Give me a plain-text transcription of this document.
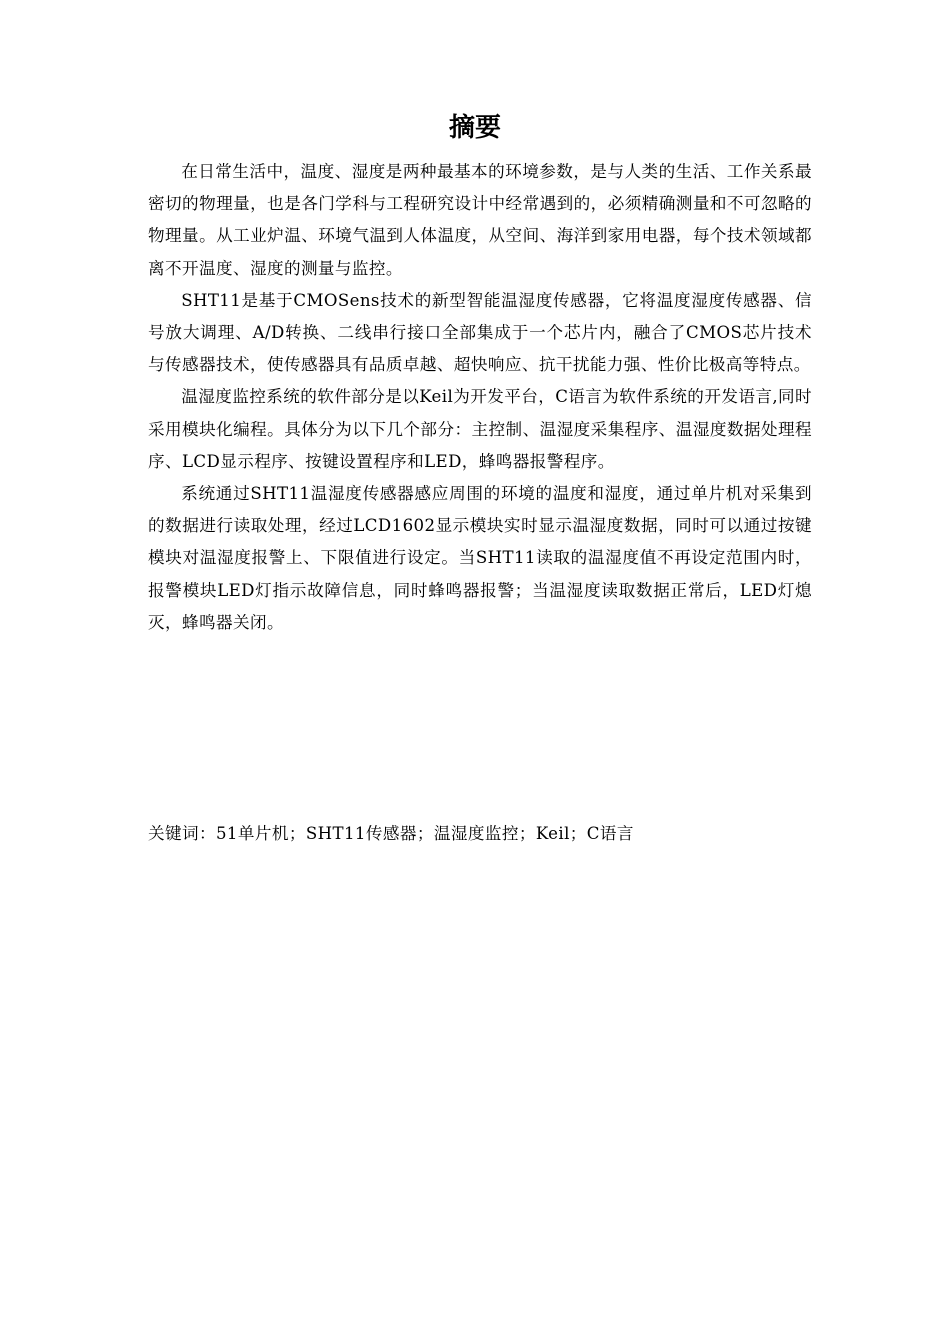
摘要

在日常生活中，温度、湿度是两种最基本的环境参数，是与人类的生活、工作关系最密切的物理量，也是各门学科与工程研究设计中经常遇到的，必须精确测量和不可忽略的物理量。从工业炉温、环境气温到人体温度，从空间、海洋到家用电器，每个技术领域都离不开温度、湿度的测量与监控。

SHT11是基于CMOSens技术的新型智能温湿度传感器，它将温度湿度传感器、信号放大调理、A/D转换、二线串行接口全部集成于一个芯片内，融合了CMOS芯片技术与传感器技术，使传感器具有品质卓越、超快响应、抗干扰能力强、性价比极高等特点。

温湿度监控系统的软件部分是以Keil为开发平台，C语言为软件系统的开发语言,同时采用模块化编程。具体分为以下几个部分：主控制、温湿度采集程序、温湿度数据处理程序、LCD显示程序、按键设置程序和LED，蜂鸣器报警程序。

系统通过SHT11温湿度传感器感应周围的环境的温度和湿度，通过单片机对采集到的数据进行读取处理，经过LCD1602显示模块实时显示温湿度数据，同时可以通过按键模块对温湿度报警上、下限值进行设定。当SHT11读取的温湿度值不再设定范围内时，报警模块LED灯指示故障信息，同时蜂鸣器报警；当温湿度读取数据正常后，LED灯熄灭，蜂鸣器关闭。

关键词：51单片机；SHT11传感器；温湿度监控；Keil；C语言
